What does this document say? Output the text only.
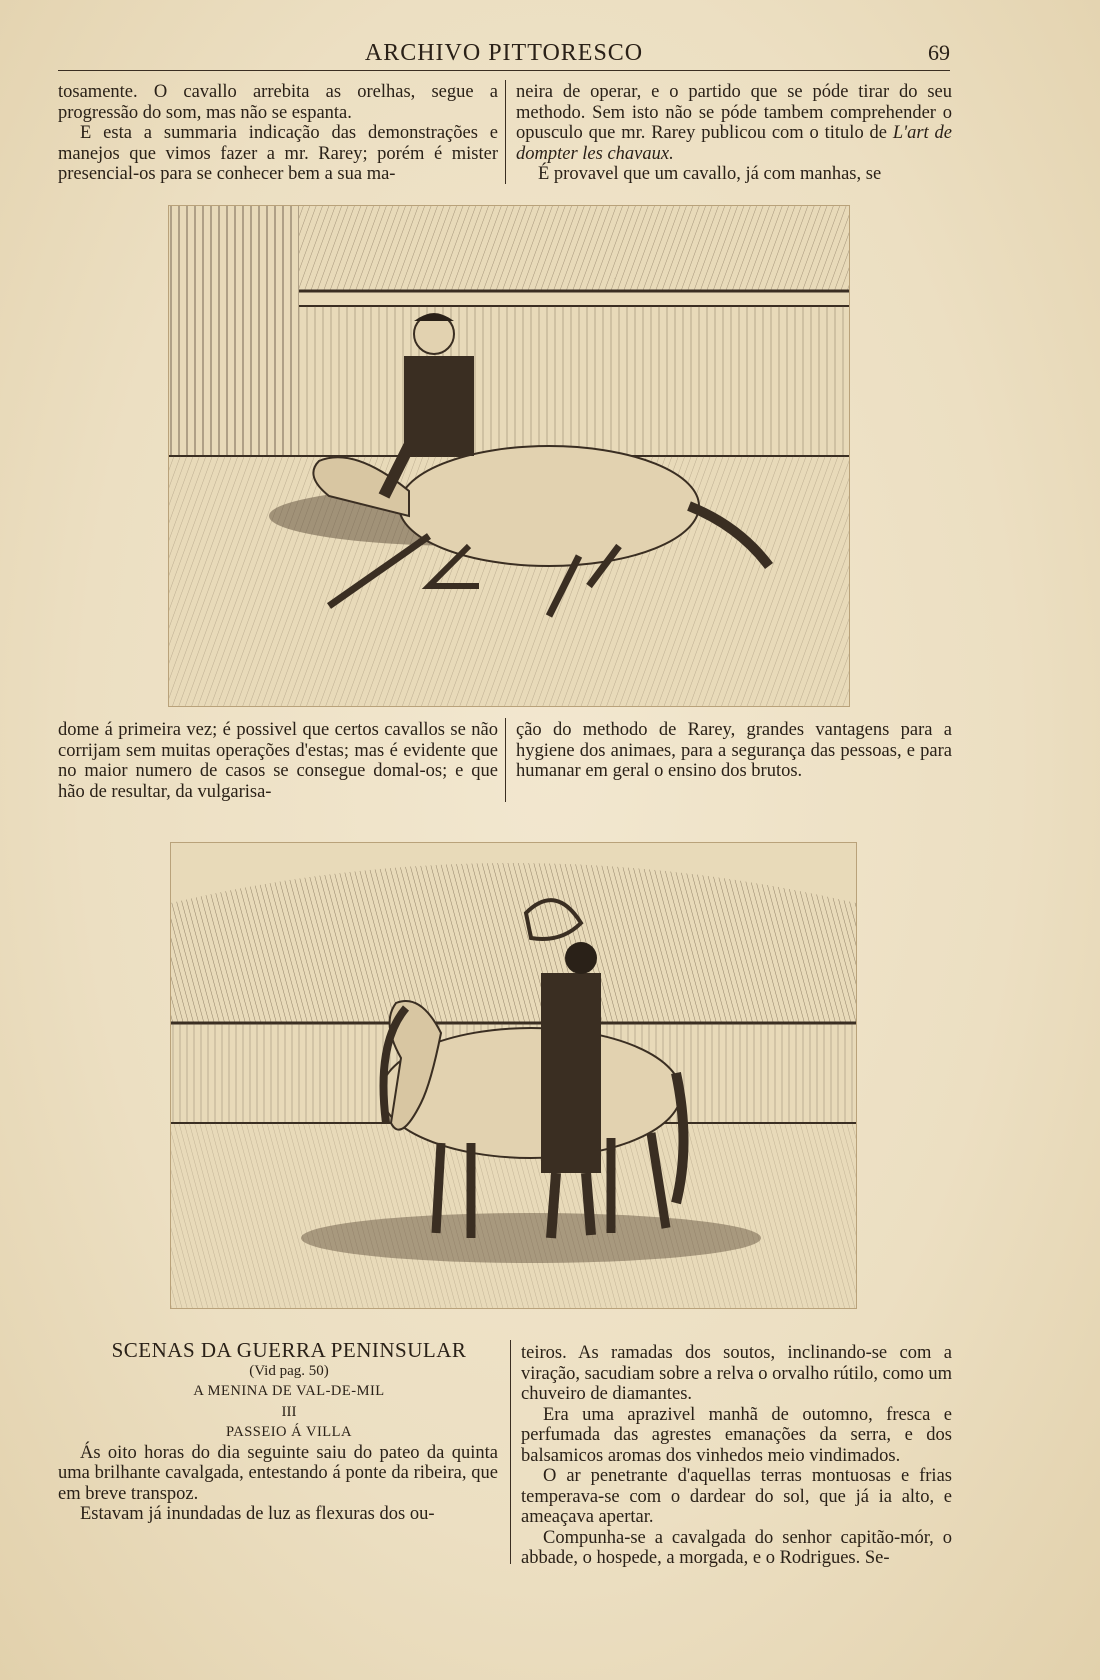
ARCHIVO PITTORESCO	69

tosamente. O cavallo arrebita as orelhas, segue a progressão do som, mas não se espanta.

E esta a summaria indicação das demonstrações e manejos que vimos fazer a mr. Rarey; porém é mister presencial-os para se conhecer bem a sua ma-

neira de operar, e o partido que se póde tirar do seu methodo. Sem isto não se póde tambem comprehender o opusculo que mr. Rarey publicou com o titulo de L'art de dompter les chavaux.

É provavel que um cavallo, já com manhas, se

dome á primeira vez; é possivel que certos cavallos se não corrijam sem muitas operações d'estas; mas é evidente que no maior numero de casos se consegue domal-os; e que hão de resultar, da vulgarisa-

ção do methodo de Rarey, grandes vantagens para a hygiene dos animaes, para a segurança das pessoas, e para humanar em geral o ensino dos brutos.

SCENAS DA GUERRA PENINSULAR

(Vid pag. 50)

A MENINA DE VAL-DE-MIL

III

PASSEIO Á VILLA

Ás oito horas do dia seguinte saiu do pateo da quinta uma brilhante cavalgada, entestando á ponte da ribeira, que em breve transpoz.

Estavam já inundadas de luz as flexuras dos ou-

teiros. As ramadas dos soutos, inclinando-se com a viração, sacudiam sobre a relva o orvalho rútilo, como um chuveiro de diamantes.

Era uma aprazivel manhã de outomno, fresca e perfumada das agrestes emanações da serra, e dos balsamicos aromas dos vinhedos meio vindimados.

O ar penetrante d'aquellas terras montuosas e frias temperava-se com o dardear do sol, que já ia alto, e ameaçava apertar.

Compunha-se a cavalgada do senhor capitão-mór, o abbade, o hospede, a morgada, e o Rodrigues. Se-
